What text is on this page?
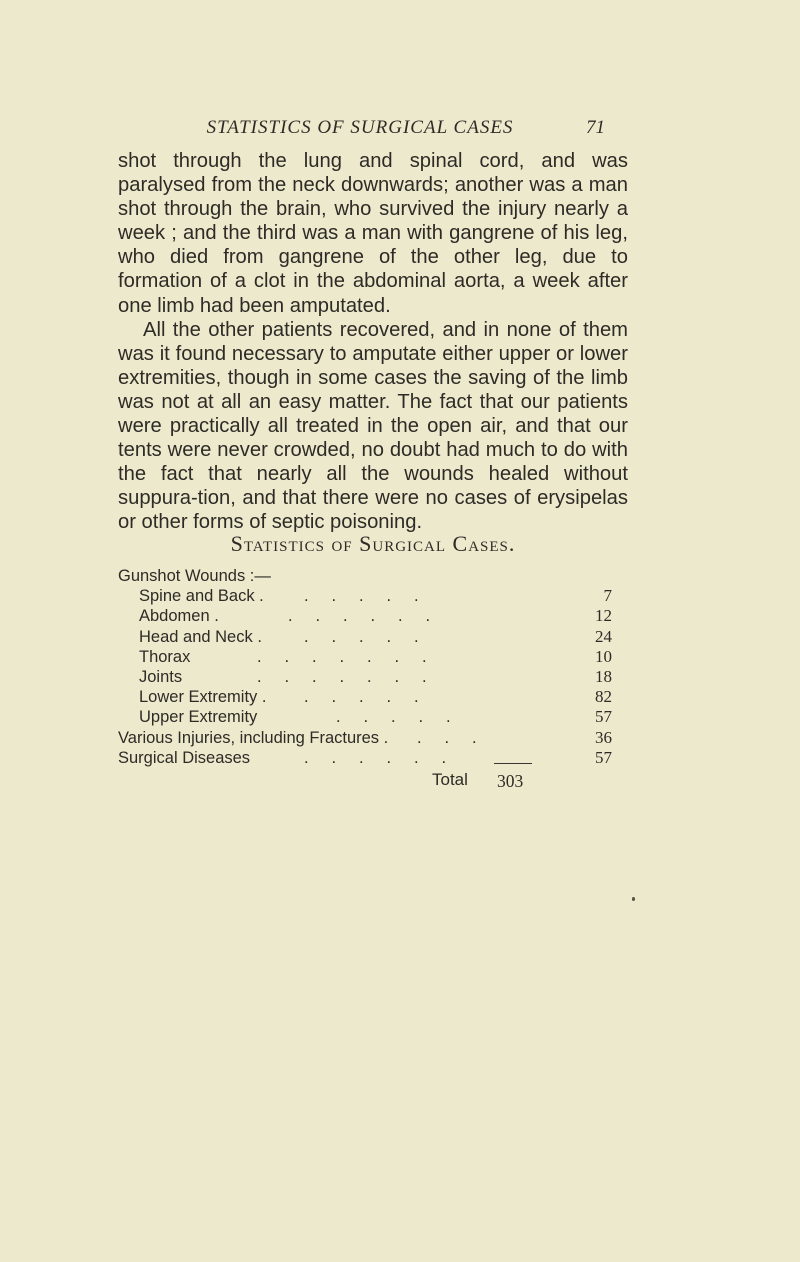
STATISTICS OF SURGICAL CASES	71

shot through the lung and spinal cord, and was paralysed from the neck downwards; another was a man shot through the brain, who survived the injury nearly a week ; and the third was a man with gangrene of his leg, who died from gangrene of the other leg, due to formation of a clot in the abdominal aorta, a week after one limb had been amputated.

All the other patients recovered, and in none of them was it found necessary to amputate either upper or lower extremities, though in some cases the saving of the limb was not at all an easy matter. The fact that our patients were practically all treated in the open air, and that our tents were never crowded, no doubt had much to do with the fact that nearly all the wounds healed without suppura-tion, and that there were no cases of erysipelas or other forms of septic poisoning.

Statistics of Surgical Cases.
Gunshot Wounds :—
Spine and Back . .     .     .     .     .	7
Abdomen .	.     .     .     .     .     .	12
Head and Neck .	.     .     .     .     .	24
Thorax	.     .     .     .     .     .     .	10
Joints	.     .     .     .     .     .     .	18
Lower Extremity . .     .     .     .     .	82
Upper Extremity	.     .     .     .     .	57
Various Injuries, including Fractures . .     .     .	36
Surgical Diseases	.     .     .     .     .     .	57
Total 303
